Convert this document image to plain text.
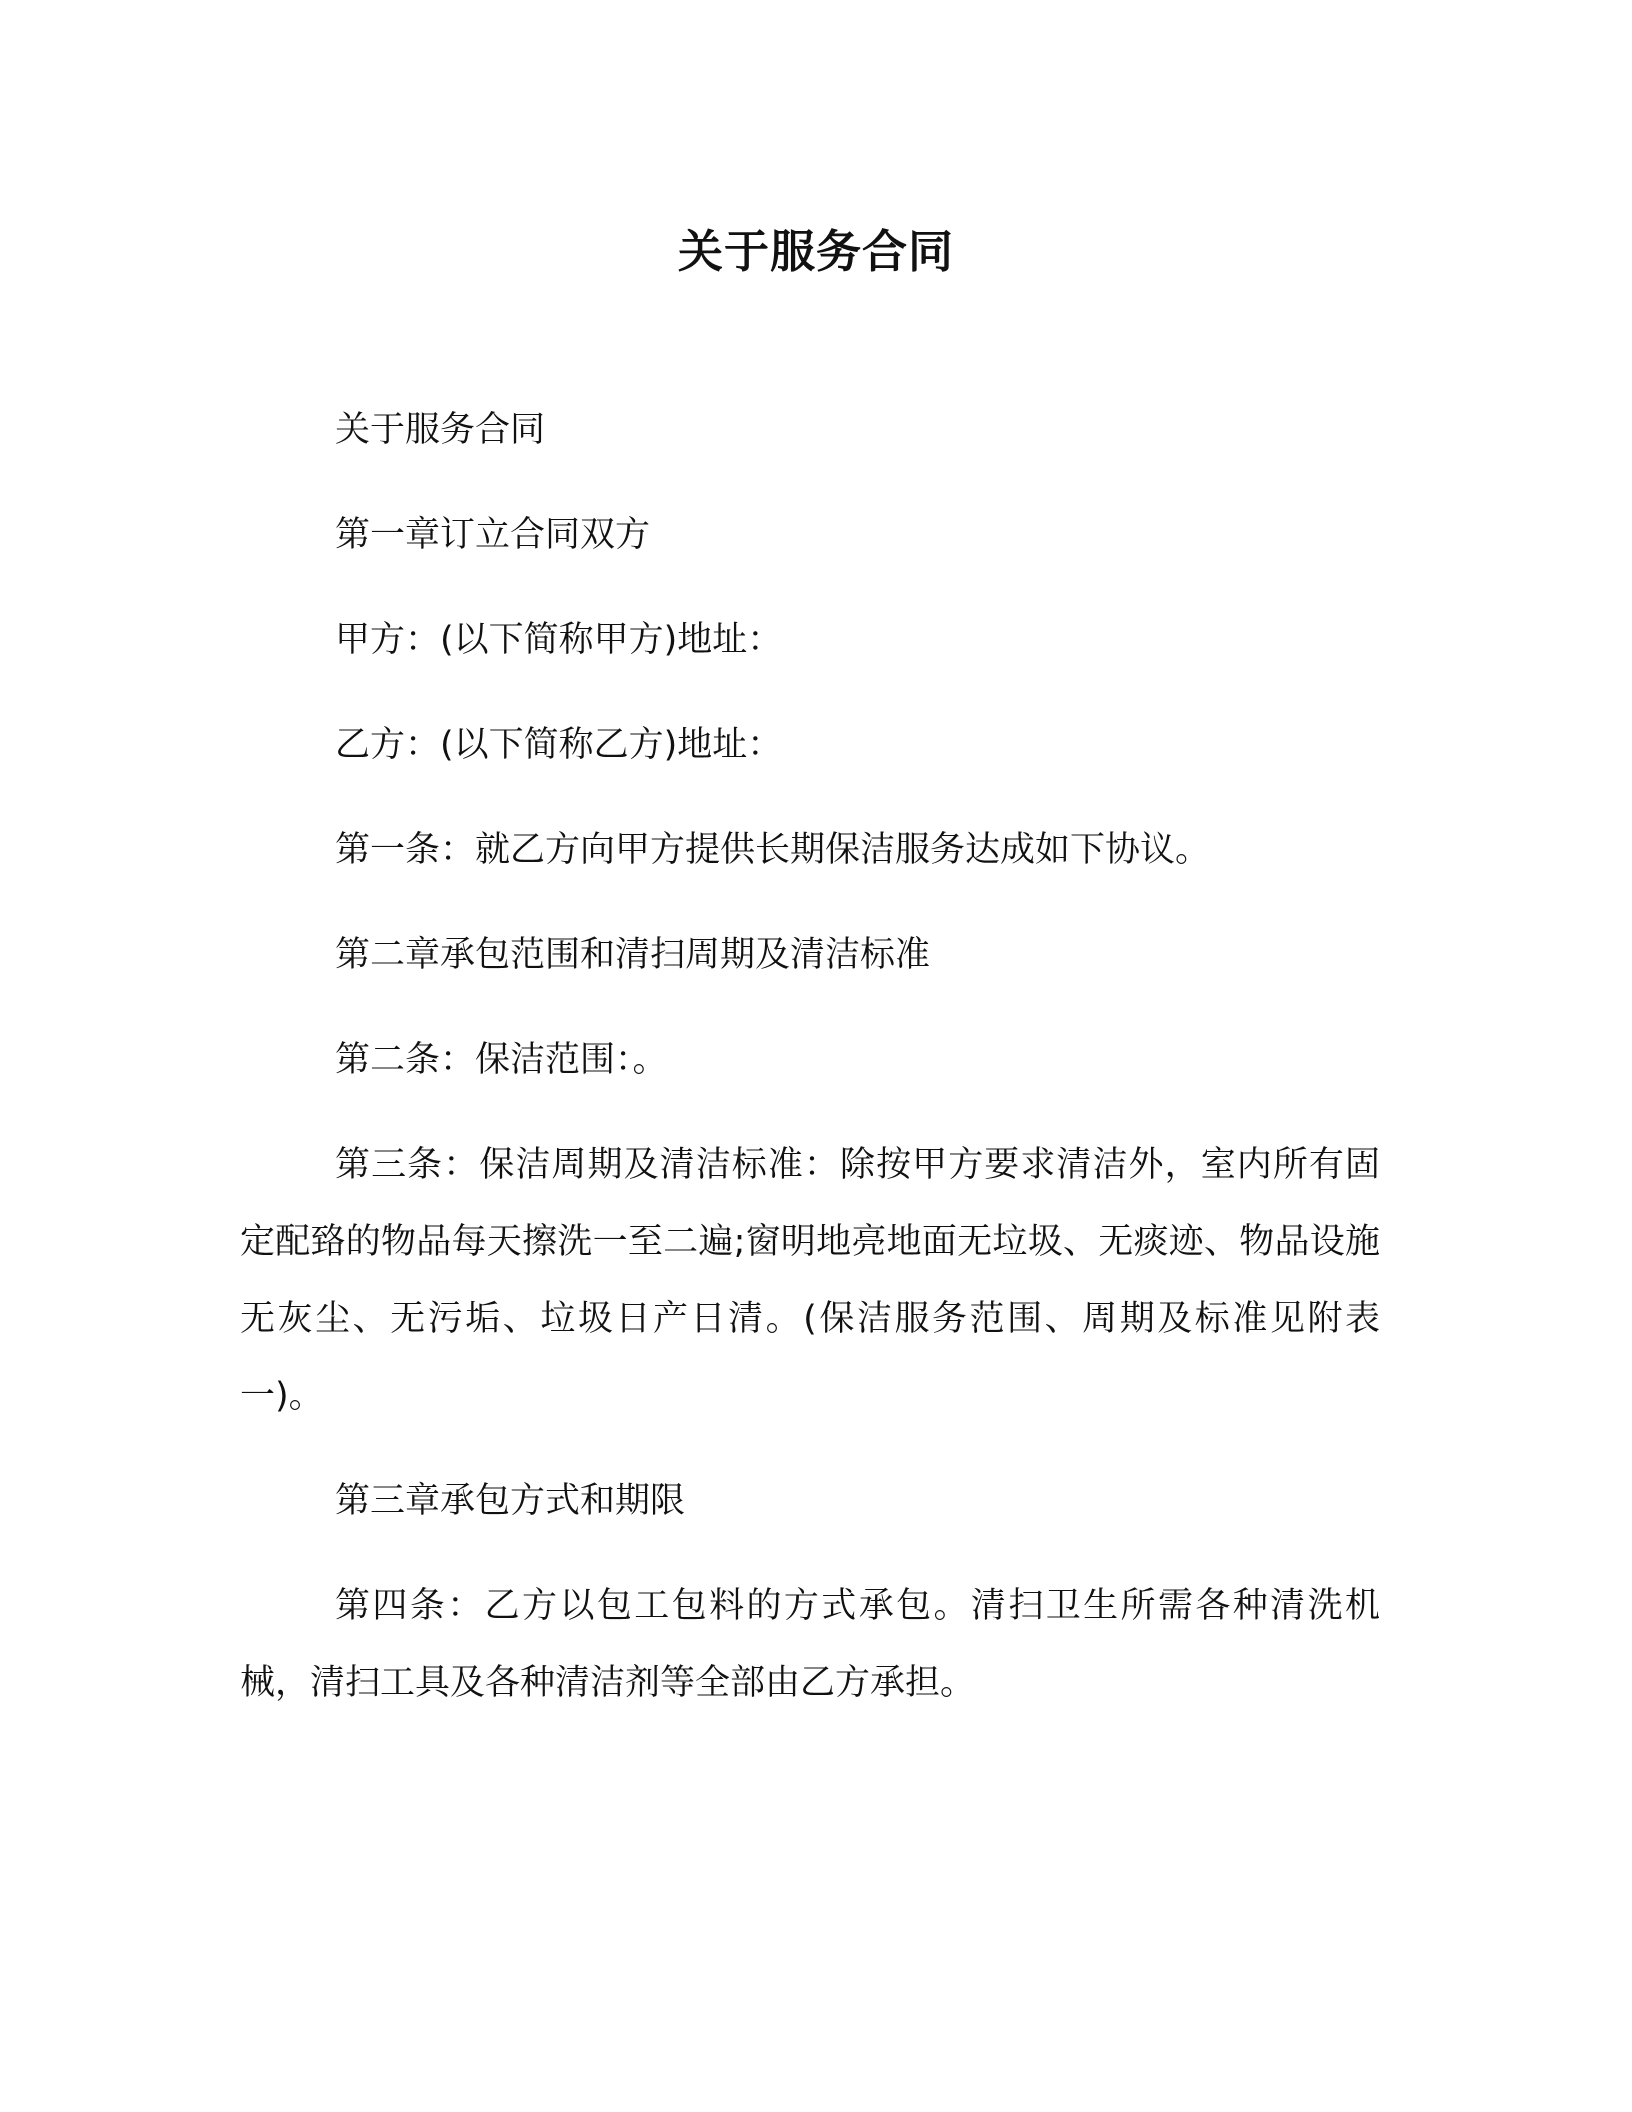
关于服务合同

关于服务合同

第一章订立合同双方

甲方：(以下简称甲方)地址：

乙方：(以下简称乙方)地址：

第一条：就乙方向甲方提供长期保洁服务达成如下协议。

第二章承包范围和清扫周期及清洁标准

第二条：保洁范围：。

第三条：保洁周期及清洁标准：除按甲方要求清洁外，室内所有固定配臵的物品每天擦洗一至二遍;窗明地亮地面无垃圾、无痰迹、物品设施无灰尘、无污垢、垃圾日产日清。(保洁服务范围、周期及标准见附表一)。

第三章承包方式和期限

第四条：乙方以包工包料的方式承包。清扫卫生所需各种清洗机械，清扫工具及各种清洁剂等全部由乙方承担。
